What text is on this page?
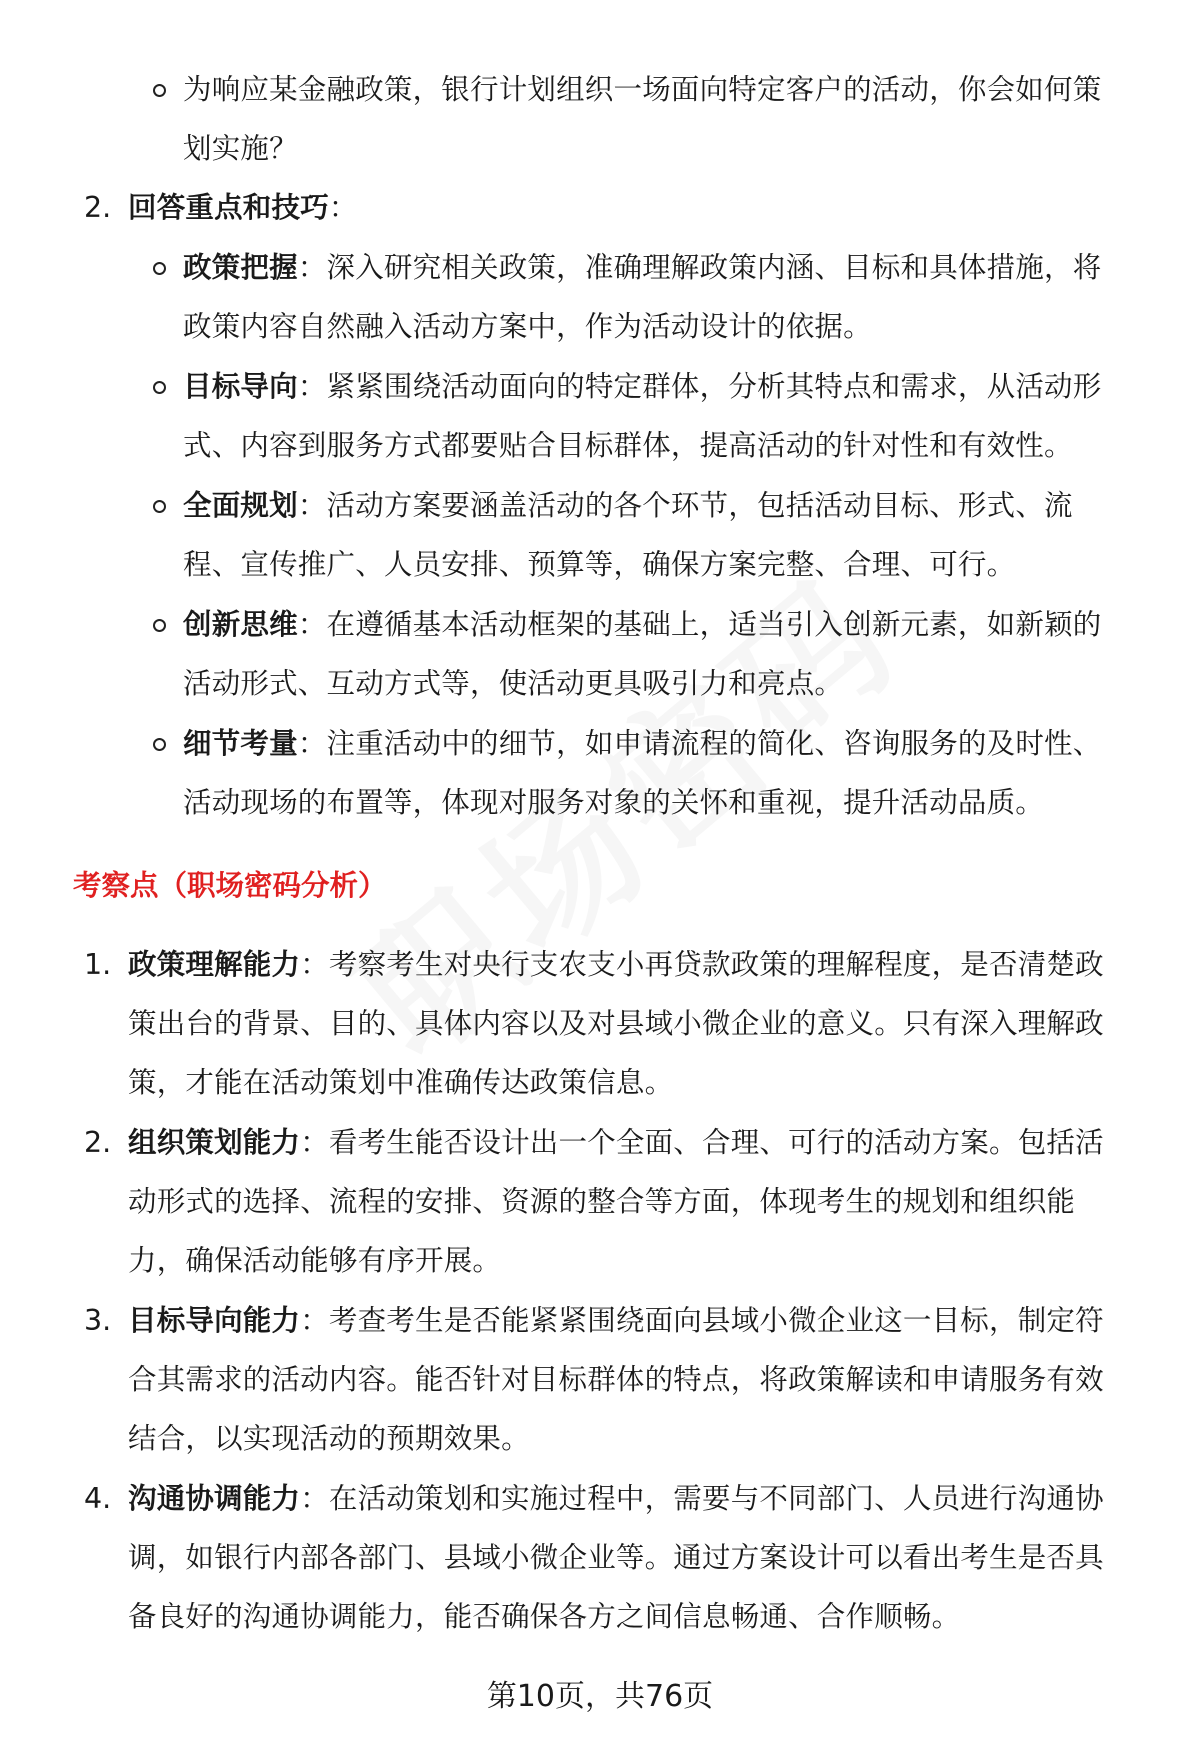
为响应某金融政策，银行计划组织一场面向特定客户的活动，你会如何策
划实施？
2. 回答重点和技巧：
政策把握：深入研究相关政策，准确理解政策内涵、目标和具体措施，将
政策内容自然融入活动方案中，作为活动设计的依据。
目标导向：紧紧围绕活动面向的特定群体，分析其特点和需求，从活动形
式、内容到服务方式都要贴合目标群体，提高活动的针对性和有效性。
全面规划：活动方案要涵盖活动的各个环节，包括活动目标、形式、流
程、宣传推广、人员安排、预算等，确保方案完整、合理、可行。
创新思维：在遵循基本活动框架的基础上，适当引入创新元素，如新颖的
活动形式、互动方式等，使活动更具吸引力和亮点。
细节考量：注重活动中的细节，如申请流程的简化、咨询服务的及时性、
活动现场的布置等，体现对服务对象的关怀和重视，提升活动品质。
考察点（职场密码分析）
1. 政策理解能力：考察考生对央行支农支小再贷款政策的理解程度，是否清楚政
策出台的背景、目的、具体内容以及对县域小微企业的意义。只有深入理解政
策，才能在活动策划中准确传达政策信息。
2. 组织策划能力：看考生能否设计出一个全面、合理、可行的活动方案。包括活
动形式的选择、流程的安排、资源的整合等方面，体现考生的规划和组织能
力，确保活动能够有序开展。
3. 目标导向能力：考查考生是否能紧紧围绕面向县域小微企业这一目标，制定符
合其需求的活动内容。能否针对目标群体的特点，将政策解读和申请服务有效
结合，以实现活动的预期效果。
4. 沟通协调能力：在活动策划和实施过程中，需要与不同部门、人员进行沟通协
调，如银行内部各部门、县域小微企业等。通过方案设计可以看出考生是否具
备良好的沟通协调能力，能否确保各方之间信息畅通、合作顺畅。
第10页，共76页
